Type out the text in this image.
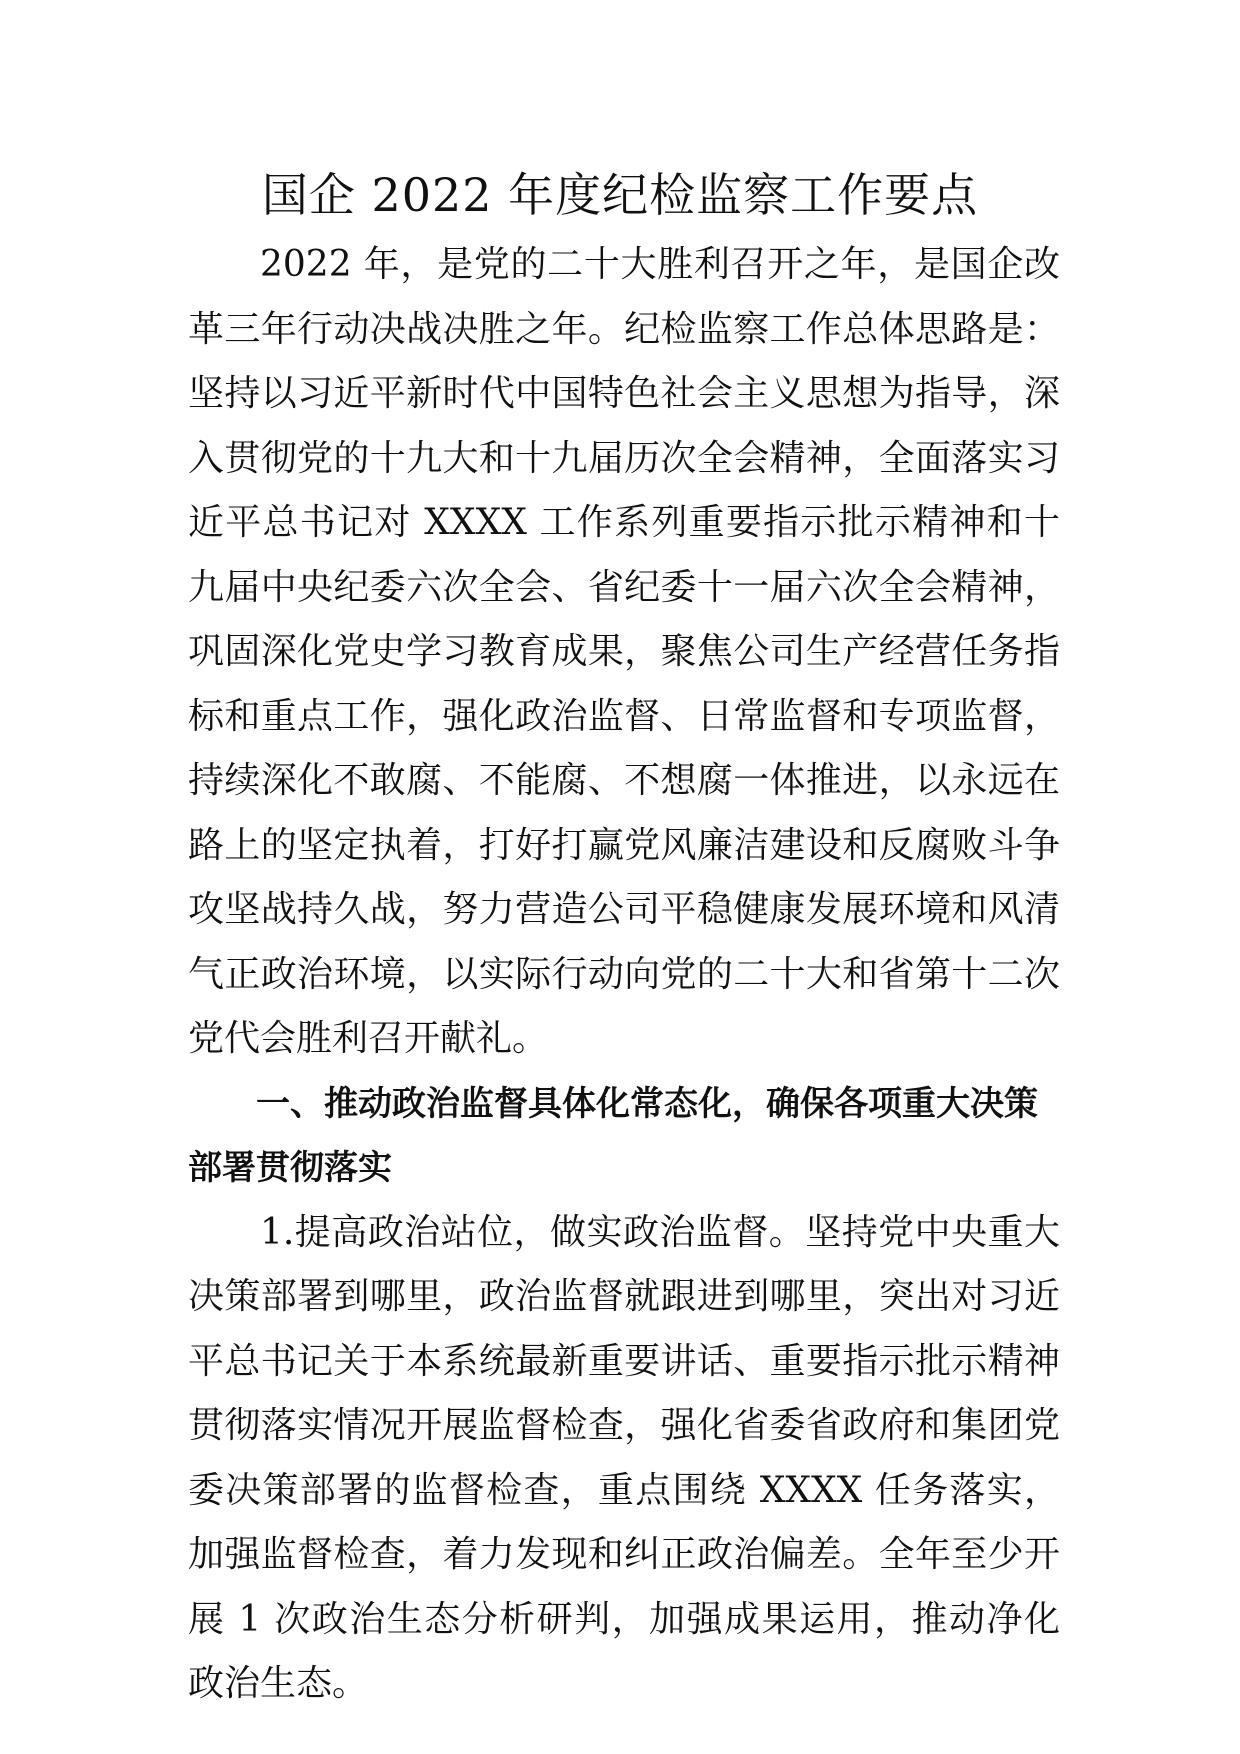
国企 2022 年度纪检监察工作要点

2022 年，是党的二十大胜利召开之年，是国企改革三年行动决战决胜之年。纪检监察工作总体思路是：坚持以习近平新时代中国特色社会主义思想为指导，深入贯彻党的十九大和十九届历次全会精神，全面落实习近平总书记对 XXXX 工作系列重要指示批示精神和十九届中央纪委六次全会、省纪委十一届六次全会精神，巩固深化党史学习教育成果，聚焦公司生产经营任务指标和重点工作，强化政治监督、日常监督和专项监督，持续深化不敢腐、不能腐、不想腐一体推进，以永远在路上的坚定执着，打好打赢党风廉洁建设和反腐败斗争攻坚战持久战，努力营造公司平稳健康发展环境和风清气正政治环境，以实际行动向党的二十大和省第十二次党代会胜利召开献礼。

一、推动政治监督具体化常态化，确保各项重大决策部署贯彻落实

1.提高政治站位，做实政治监督。坚持党中央重大决策部署到哪里，政治监督就跟进到哪里，突出对习近平总书记关于本系统最新重要讲话、重要指示批示精神贯彻落实情况开展监督检查，强化省委省政府和集团党委决策部署的监督检查，重点围绕 XXXX 任务落实，加强监督检查，着力发现和纠正政治偏差。全年至少开展 1 次政治生态分析研判，加强成果运用，推动净化政治生态。
